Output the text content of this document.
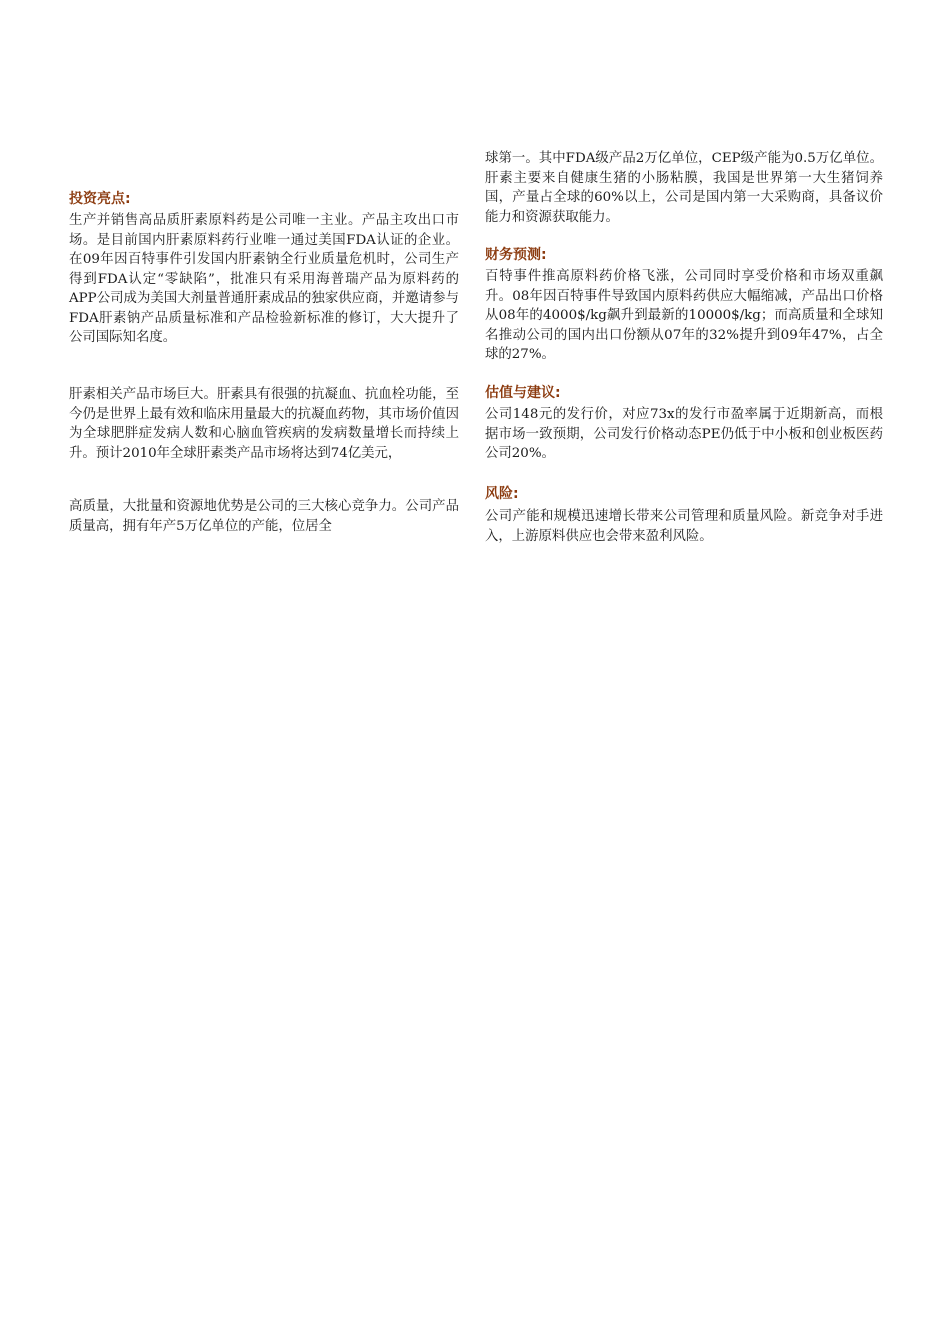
投资亮点:

生产并销售高品质肝素原料药是公司唯一主业。产品主攻出口市场。是目前国内肝素原料药行业唯一通过美国FDA认证的企业。在09年因百特事件引发国内肝素钠全行业质量危机时，公司生产得到FDA认定“零缺陷”，批准只有采用海普瑞产品为原料药的APP公司成为美国大剂量普通肝素成品的独家供应商，并邀请参与FDA肝素钠产品质量标准和产品检验新标准的修订，大大提升了公司国际知名度。

肝素相关产品市场巨大。肝素具有很强的抗凝血、抗血栓功能，至今仍是世界上最有效和临床用量最大的抗凝血药物，其市场价值因为全球肥胖症发病人数和心脑血管疾病的发病数量增长而持续上升。预计2010年全球肝素类产品市场将达到74亿美元，

高质量，大批量和资源地优势是公司的三大核心竞争力。公司产品质量高，拥有年产5万亿单位的产能，位居全

球第一。其中FDA级产品2万亿单位，CEP级产能为0.5万亿单位。肝素主要来自健康生猪的小肠粘膜，我国是世界第一大生猪饲养国，产量占全球的60%以上，公司是国内第一大采购商，具备议价能力和资源获取能力。

财务预测:

百特事件推高原料药价格飞涨，公司同时享受价格和市场双重飙升。08年因百特事件导致国内原料药供应大幅缩减，产品出口价格从08年的4000$/kg飙升到最新的10000$/kg；而高质量和全球知名推动公司的国内出口份额从07年的32%提升到09年47%，占全球的27%。

估值与建议:

公司148元的发行价，对应73x的发行市盈率属于近期新高，而根据市场一致预期，公司发行价格动态PE仍低于中小板和创业板医药公司20%。

风险:

公司产能和规模迅速增长带来公司管理和质量风险。新竞争对手进入，上游原料供应也会带来盈利风险。
